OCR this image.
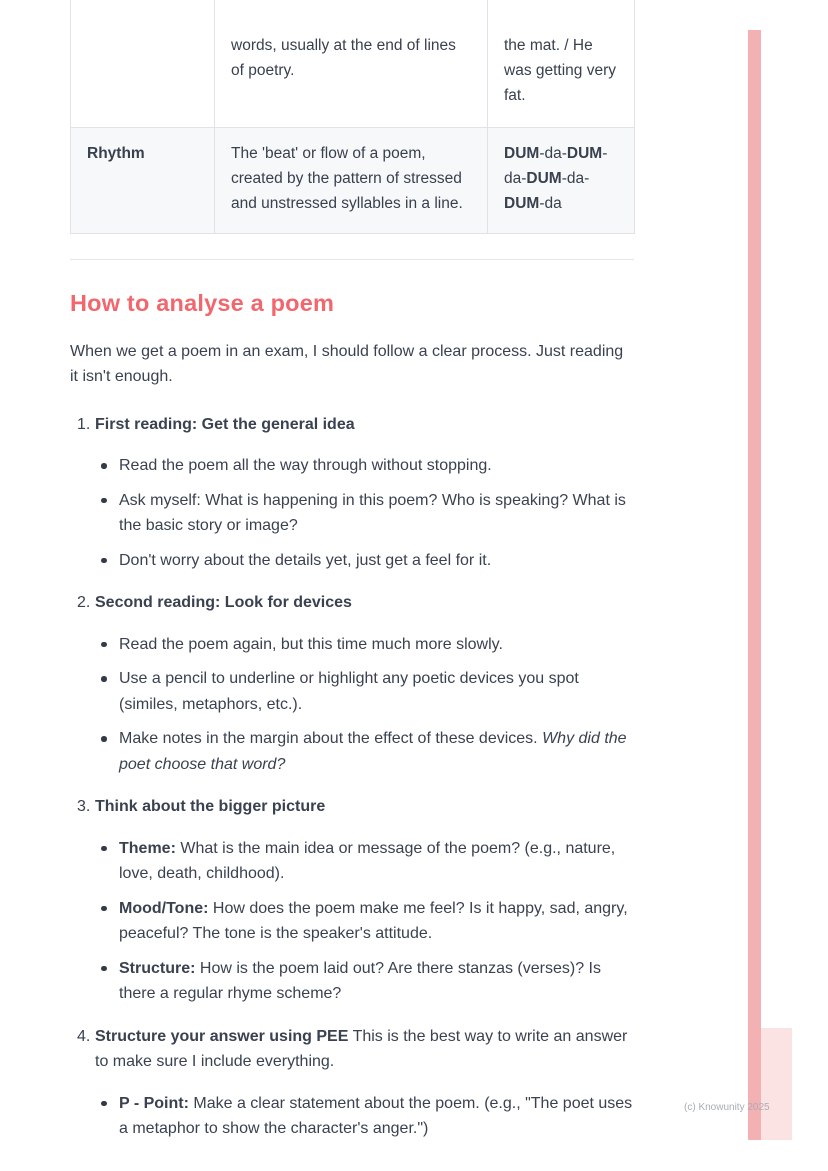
	words, usually at the end of lines of poetry.	the mat. / He was getting very fat.
Rhythm	The 'beat' or flow of a poem, created by the pattern of stressed and unstressed syllables in a line.	DUM-da-DUM-da-DUM-da-DUM-da
How to analyse a poem

When we get a poem in an exam, I should follow a clear process. Just reading it isn't enough.

1. First reading: Get the general idea
Read the poem all the way through without stopping.
Ask myself: What is happening in this poem? Who is speaking? What is the basic story or image?
Don't worry about the details yet, just get a feel for it.
2. Second reading: Look for devices
Read the poem again, but this time much more slowly.
Use a pencil to underline or highlight any poetic devices you spot (similes, metaphors, etc.).
Make notes in the margin about the effect of these devices. Why did the poet choose that word?
3. Think about the bigger picture
Theme: What is the main idea or message of the poem? (e.g., nature, love, death, childhood).
Mood/Tone: How does the poem make me feel? Is it happy, sad, angry, peaceful? The tone is the speaker's attitude.
Structure: How is the poem laid out? Are there stanzas (verses)? Is there a regular rhyme scheme?
4. Structure your answer using PEE This is the best way to write an answer to make sure I include everything.
P - Point: Make a clear statement about the poem. (e.g., "The poet uses a metaphor to show the character's anger.")
(c) Knowunity 2025
